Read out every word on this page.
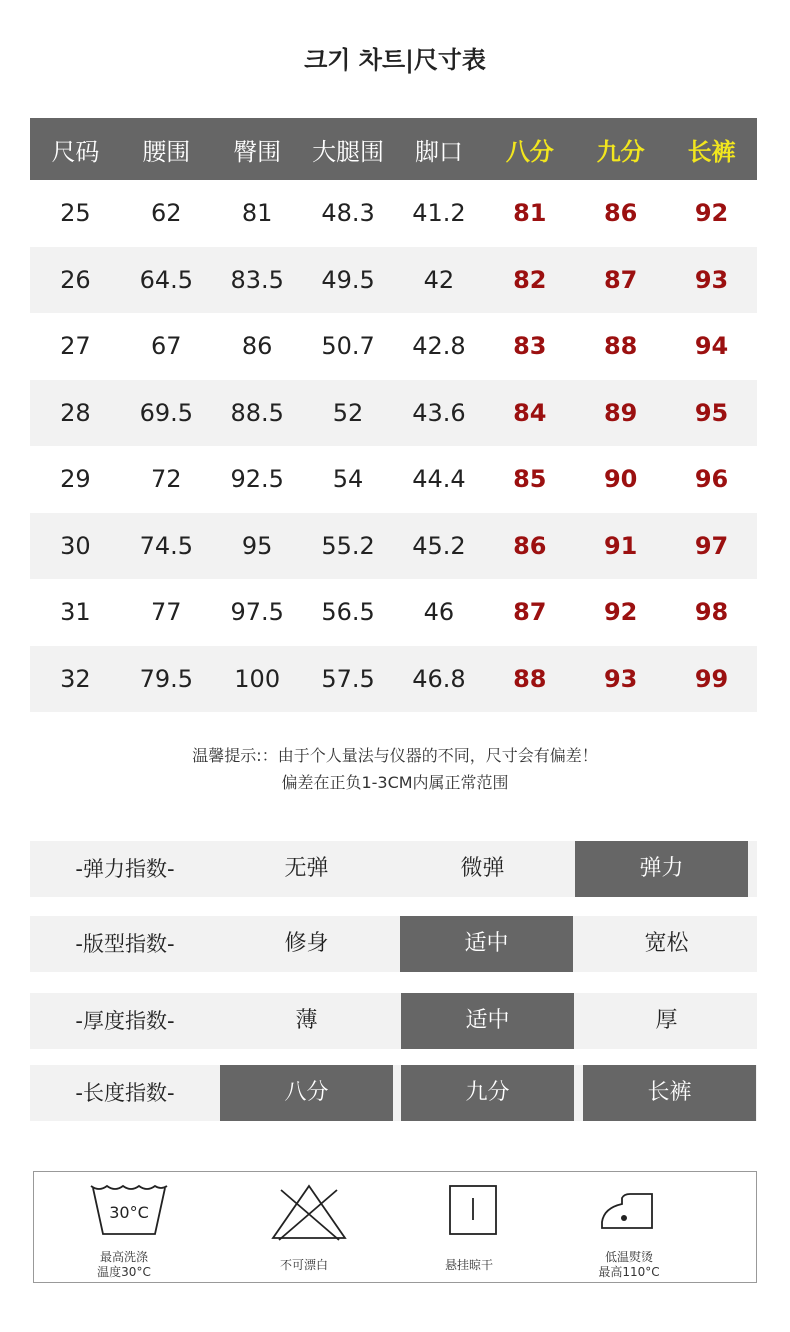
크기 차트|尺寸表
尺码	腰围	臀围	大腿围	脚口	八分	九分	长裤
25	62	81	48.3	41.2	81	86	92
26	64.5	83.5	49.5	42	82	87	93
27	67	86	50.7	42.8	83	88	94
28	69.5	88.5	52	43.6	84	89	95
29	72	92.5	54	44.4	85	90	96
30	74.5	95	55.2	45.2	86	91	97
31	77	97.5	56.5	46	87	92	98
32	79.5	100	57.5	46.8	88	93	99
温馨提示:：由于个人量法与仪器的不同，尺寸会有偏差！
偏差在正负1-3CM内属正常范围
-弹力指数-	无弹	微弹	弹力
-版型指数-	修身	适中	宽松
-厚度指数-	薄	适中	厚
-长度指数-	八分	九分	长裤
30°C
最高洗涤
温度30°C	不可漂白	悬挂晾干
低温熨烫
最高110°C
